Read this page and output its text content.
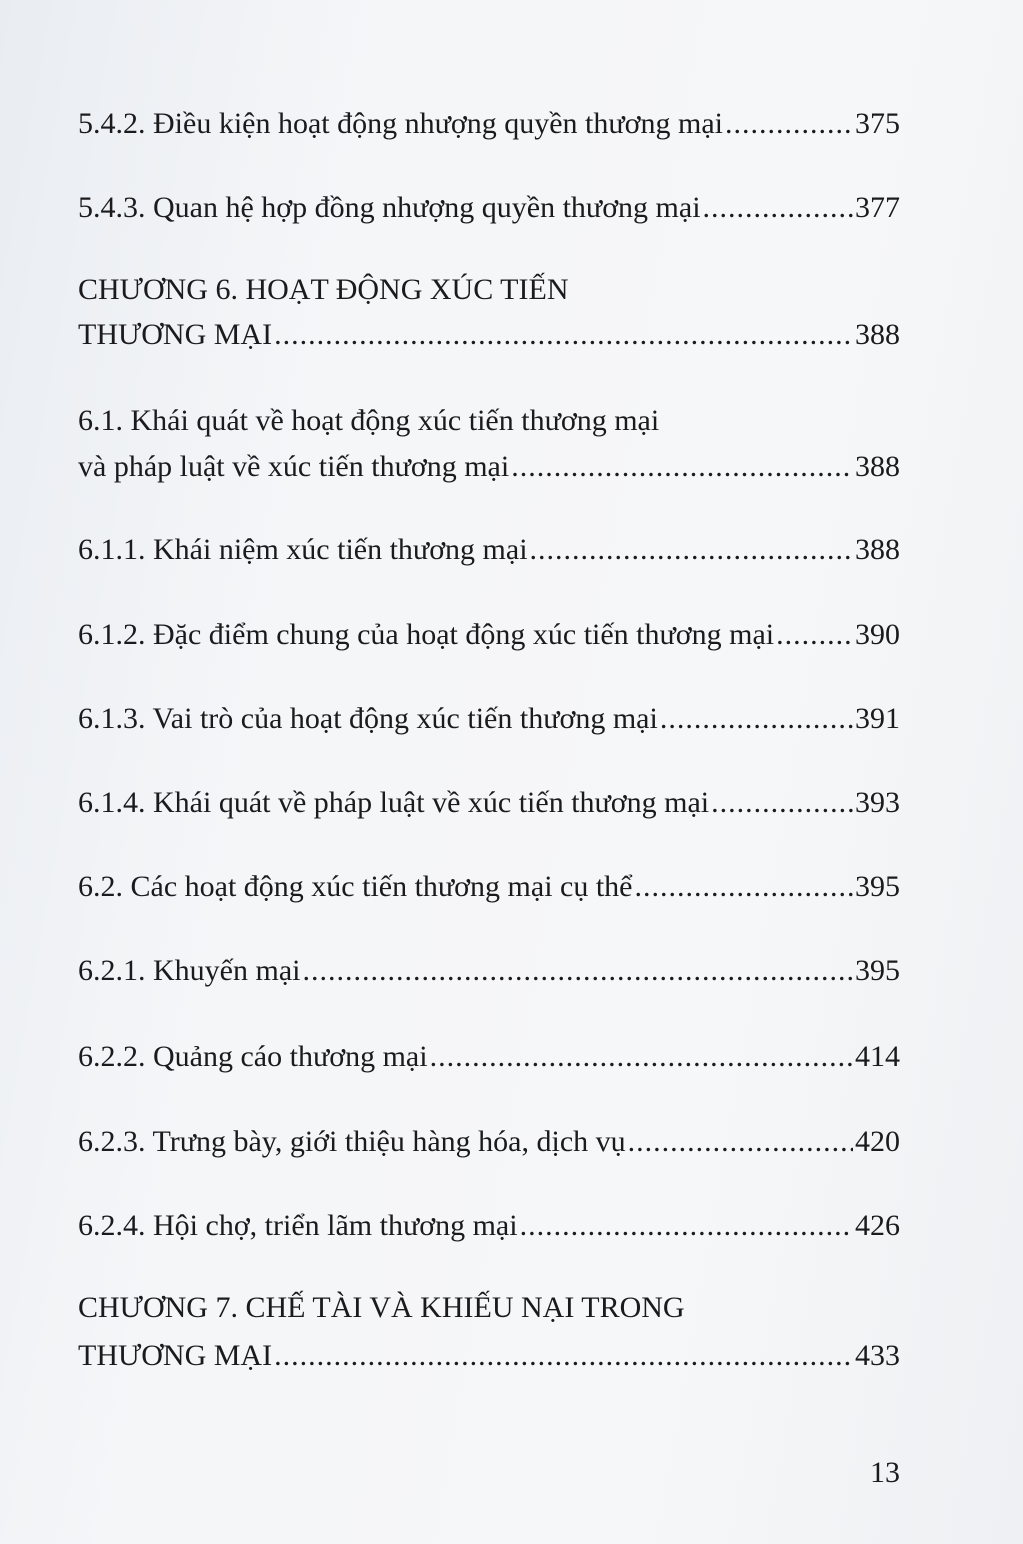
5.4.2. Điều kiện hoạt động nhượng quyền thương mại .....	375
5.4.3. Quan hệ hợp đồng nhượng quyền thương mại .....	377
CHƯƠNG 6. HOẠT ĐỘNG XÚC TIẾN
THƯƠNG MẠI .....	388
6.1. Khái quát về hoạt động xúc tiến thương mại
và pháp luật về xúc tiến thương mại .....	388
6.1.1. Khái niệm xúc tiến thương mại .....	388
6.1.2. Đặc điểm chung của hoạt động xúc tiến thương mại .....	390
6.1.3. Vai trò của hoạt động xúc tiến thương mại .....	391
6.1.4. Khái quát về pháp luật về xúc tiến thương mại .....	393
6.2. Các hoạt động xúc tiến thương mại cụ thể .....	395
6.2.1. Khuyến mại .....	395
6.2.2. Quảng cáo thương mại .....	414
6.2.3. Trưng bày, giới thiệu hàng hóa, dịch vụ .....	420
6.2.4. Hội chợ, triển lãm thương mại .....	426
CHƯƠNG 7. CHẾ TÀI VÀ KHIẾU NẠI TRONG
THƯƠNG MẠI .....	433
13
